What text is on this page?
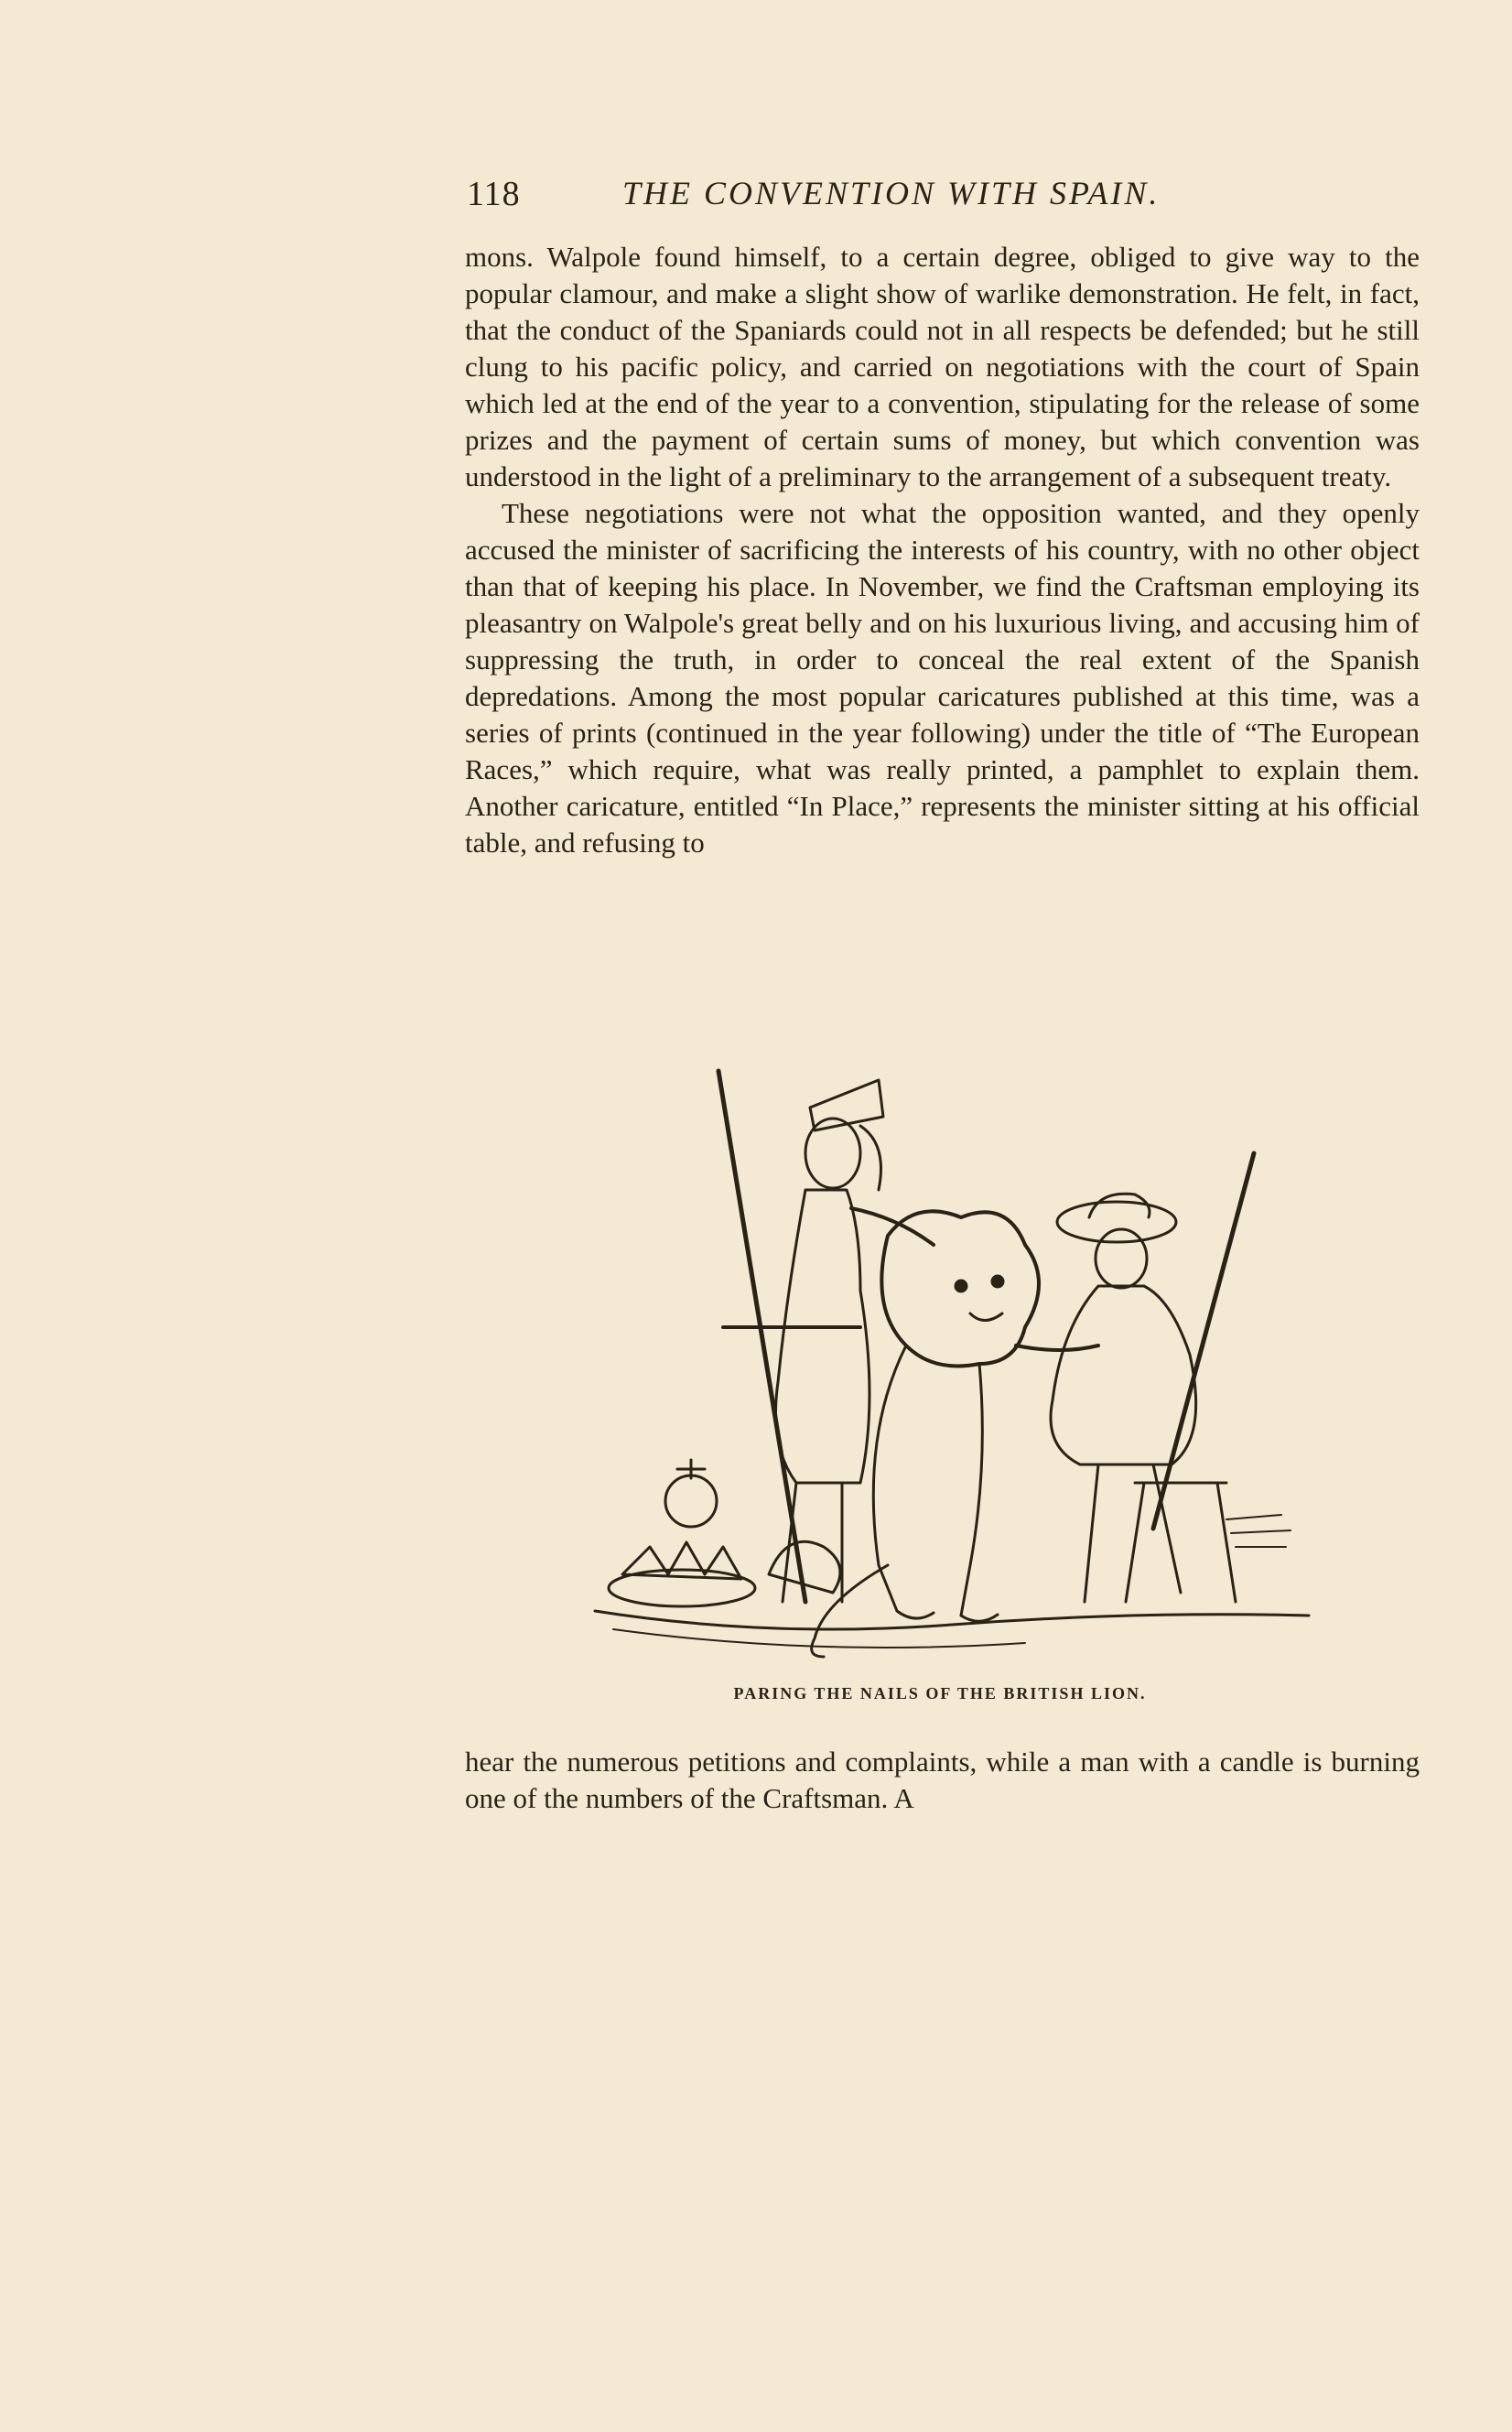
118	THE CONVENTION WITH SPAIN.

mons. Walpole found himself, to a certain degree, obliged to give way to the popular clamour, and make a slight show of warlike demonstration. He felt, in fact, that the conduct of the Spaniards could not in all respects be defended; but he still clung to his pacific policy, and carried on negotiations with the court of Spain which led at the end of the year to a convention, stipulating for the release of some prizes and the payment of certain sums of money, but which convention was understood in the light of a preliminary to the arrangement of a subsequent treaty.

These negotiations were not what the opposition wanted, and they openly accused the minister of sacrificing the interests of his country, with no other object than that of keeping his place. In November, we find the Craftsman employing its pleasantry on Walpole's great belly and on his luxurious living, and accusing him of suppressing the truth, in order to conceal the real extent of the Spanish depredations. Among the most popular caricatures published at this time, was a series of prints (continued in the year following) under the title of “The European Races,” which require, what was really printed, a pamphlet to explain them. Another caricature, entitled “In Place,” represents the minister sitting at his official table, and refusing to

PARING THE NAILS OF THE BRITISH LION.

hear the numerous petitions and complaints, while a man with a candle is burning one of the numbers of the Craftsman. A
